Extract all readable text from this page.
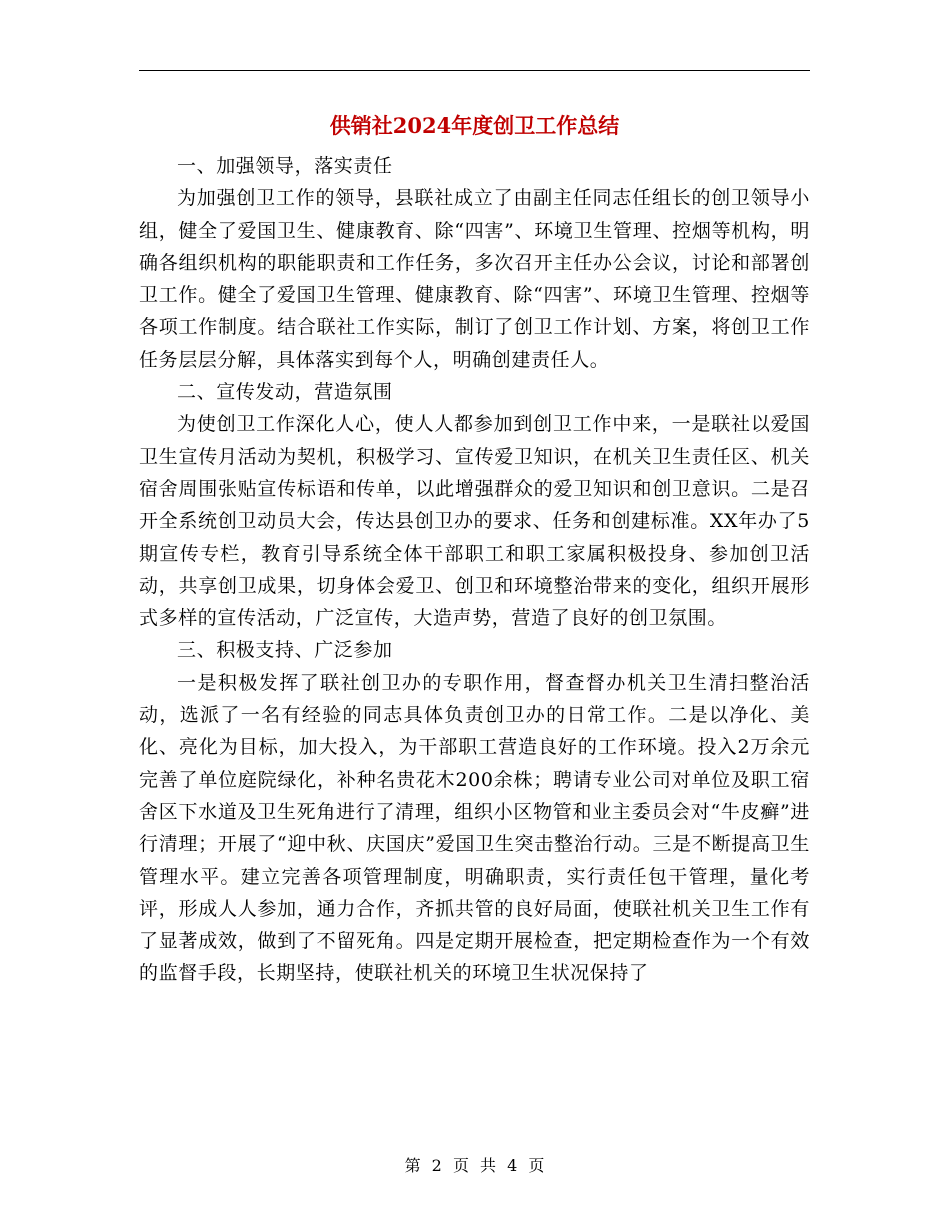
供销社2024年度创卫工作总结

一、加强领导，落实责任

为加强创卫工作的领导，县联社成立了由副主任同志任组长的创卫领导小组，健全了爱国卫生、健康教育、除“四害”、环境卫生管理、控烟等机构，明确各组织机构的职能职责和工作任务，多次召开主任办公会议，讨论和部署创卫工作。健全了爱国卫生管理、健康教育、除“四害”、环境卫生管理、控烟等各项工作制度。结合联社工作实际，制订了创卫工作计划、方案，将创卫工作任务层层分解，具体落实到每个人，明确创建责任人。

二、宣传发动，营造氛围

为使创卫工作深化人心，使人人都参加到创卫工作中来，一是联社以爱国卫生宣传月活动为契机，积极学习、宣传爱卫知识，在机关卫生责任区、机关宿舍周围张贴宣传标语和传单，以此增强群众的爱卫知识和创卫意识。二是召开全系统创卫动员大会，传达县创卫办的要求、任务和创建标准。XX年办了5期宣传专栏，教育引导系统全体干部职工和职工家属积极投身、参加创卫活动，共享创卫成果，切身体会爱卫、创卫和环境整治带来的变化，组织开展形式多样的宣传活动，广泛宣传，大造声势，营造了良好的创卫氛围。

三、积极支持、广泛参加

一是积极发挥了联社创卫办的专职作用，督查督办机关卫生清扫整治活动，选派了一名有经验的同志具体负责创卫办的日常工作。二是以净化、美化、亮化为目标，加大投入，为干部职工营造良好的工作环境。投入2万余元完善了单位庭院绿化，补种名贵花木200余株；聘请专业公司对单位及职工宿舍区下水道及卫生死角进行了清理，组织小区物管和业主委员会对“牛皮癣”进行清理；开展了“迎中秋、庆国庆”爱国卫生突击整治行动。三是不断提高卫生管理水平。建立完善各项管理制度，明确职责，实行责任包干管理，量化考评，形成人人参加，通力合作，齐抓共管的良好局面，使联社机关卫生工作有了显著成效，做到了不留死角。四是定期开展检查，把定期检查作为一个有效的监督手段，长期坚持，使联社机关的环境卫生状况保持了

第 2 页 共 4 页
